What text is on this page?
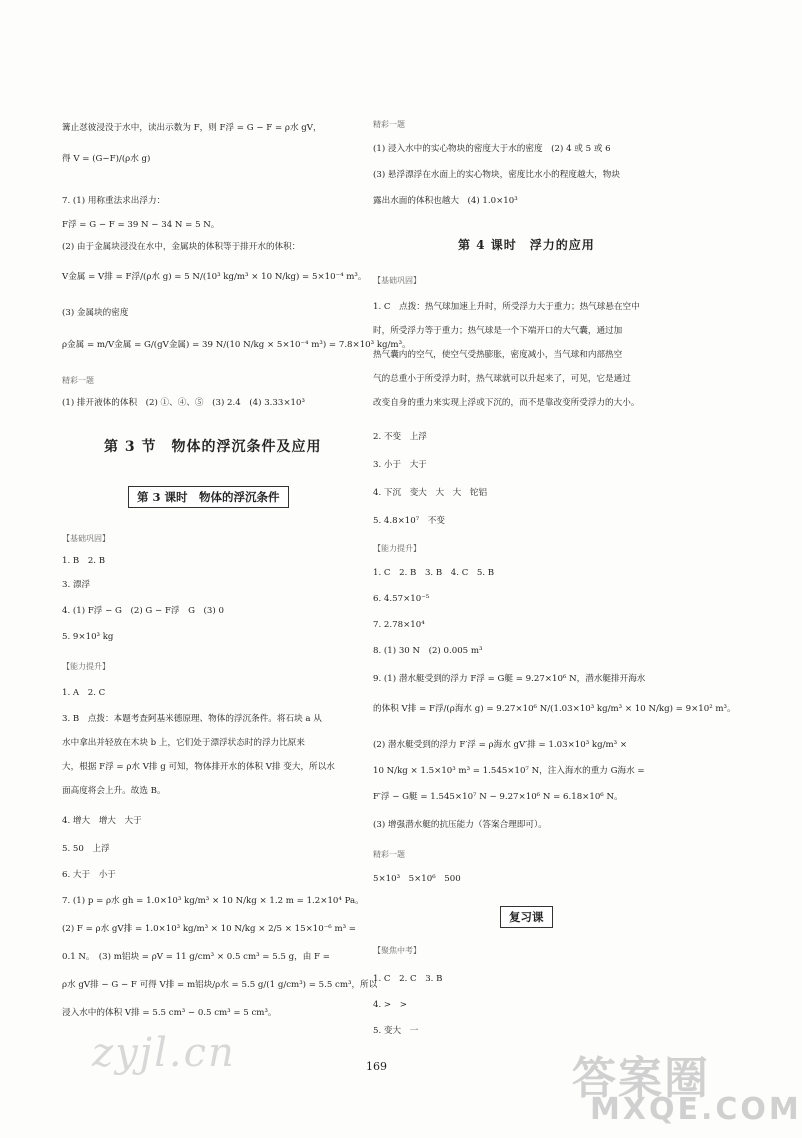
篝止怼彼浸没于水中，读出示数为 F，则 F浮 = G − F = ρ水 gV，
得 V = (G−F)/(ρ水 g)
7. (1) 用称重法求出浮力：
F浮 = G − F = 39 N − 34 N = 5 N。
(2) 由于金属块浸没在水中，金属块的体积等于排开水的体积：
V金属 = V排 = F浮/(ρ水 g) = 5 N/(10³ kg/m³ × 10 N/kg) = 5×10⁻⁴ m³。
(3) 金属块的密度
ρ金属 = m/V金属 = G/(gV金属) = 39 N/(10 N/kg × 5×10⁻⁴ m³) = 7.8×10³ kg/m³。
精彩一题
(1) 排开液体的体积　(2) ①、④、⑤　(3) 2.4　(4) 3.33×10³
第 3 节　物体的浮沉条件及应用
第 3 课时　物体的浮沉条件
【基础巩固】
1. B　2. B
3. 漂浮
4. (1) F浮 − G　(2) G − F浮　G　(3) 0
5. 9×10³ kg
【能力提升】
1. A　2. C
3. B　点拨：本题考查阿基米德原理、物体的浮沉条件。将石块 a 从
水中拿出并轻放在木块 b 上，它们处于漂浮状态时的浮力比原来
大，根据 F浮 = ρ水 V排 g 可知，物体排开水的体积 V排 变大，所以水
面高度将会上升。故选 B。
4. 增大　增大　大于
5. 50　上浮
6. 大于　小于
7. (1) p = ρ水 gh = 1.0×10³ kg/m³ × 10 N/kg × 1.2 m = 1.2×10⁴ Pa。
(2) F = ρ水 gV排 = 1.0×10³ kg/m³ × 10 N/kg × 2/5 × 15×10⁻⁶ m³ =
0.1 N。　(3) m铝块 = ρV = 11 g/cm³ × 0.5 cm³ = 5.5 g，由 F =
ρ水 gV排 − G − F 可得 V排 = m铝块/ρ水 = 5.5 g/(1 g/cm³) = 5.5 cm³，所以
浸入水中的体积 V排 = 5.5 cm³ − 0.5 cm³ = 5 cm³。
精彩一题
(1) 浸入水中的实心物块的密度大于水的密度　(2) 4 或 5 或 6
(3) 悬浮漂浮在水面上的实心物块，密度比水小的程度越大，物块
露出水面的体积也越大　(4) 1.0×10³
第 4 课时　浮力的应用
【基础巩固】
1. C　点拨：热气球加速上升时，所受浮力大于重力；热气球悬在空中
时，所受浮力等于重力；热气球是一个下端开口的大气囊，通过加
热气囊内的空气，使空气受热膨胀，密度减小，当气球和内部热空
气的总重小于所受浮力时，热气球就可以升起来了，可见，它是通过
改变自身的重力来实现上浮或下沉的，而不是靠改变所受浮力的大小。
2. 不变　上浮
3. 小于　大于
4. 下沉　变大　大　大　铊铝
5. 4.8×10⁷　不变
【能力提升】
1. C　2. B　3. B　4. C　5. B
6. 4.57×10⁻⁵
7. 2.78×10⁴
8. (1) 30 N　(2) 0.005 m³
9. (1) 潜水艇受到的浮力 F浮 = G艇 = 9.27×10⁶ N，潜水艇排开海水
的体积 V排 = F浮/(ρ海水 g) = 9.27×10⁶ N/(1.03×10³ kg/m³ × 10 N/kg) = 9×10² m³。
(2) 潜水艇受到的浮力 F′浮 = ρ海水 gV′排 = 1.03×10³ kg/m³ ×
10 N/kg × 1.5×10³ m³ = 1.545×10⁷ N，注入海水的重力 G海水 =
F′浮 − G艇 = 1.545×10⁷ N − 9.27×10⁶ N = 6.18×10⁶ N。
(3) 增强潜水艇的抗压能力（答案合理即可）。
精彩一题
5×10³　5×10⁶　500
复习课
【聚焦中考】
1. C　2. C　3. B
4. >　>
5. 变大　一
zyjl.cn	169	答案圈
MXQE.COM
